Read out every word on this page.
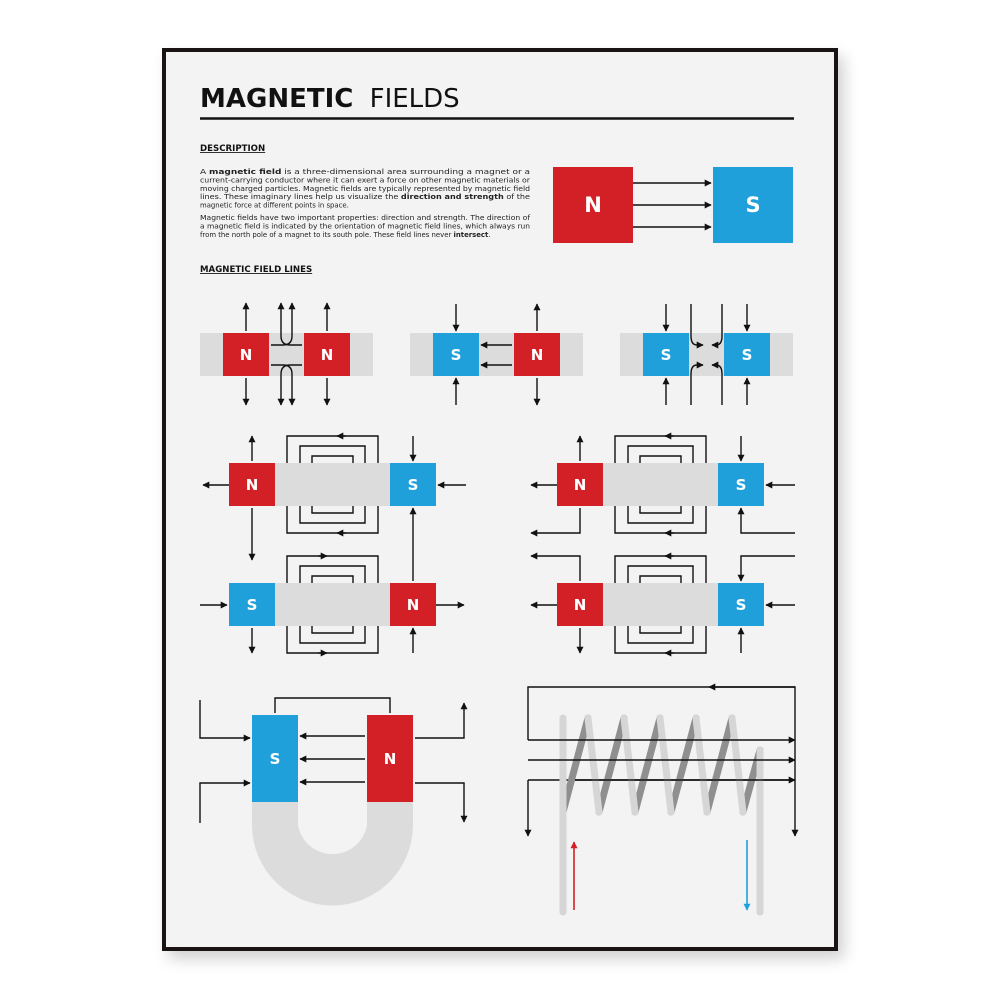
MAGNETIC FIELDS
DESCRIPTION
A magnetic field is a three-dimensional area surrounding a magnet or a
current-carrying conductor where it can exert a force on other magnetic materials or
moving charged particles. Magnetic fields are typically represented by magnetic field
lines. These imaginary lines help us visualize the	direction and strength of the
magnetic force at different points in space.
Magnetic fields have two important properties: direction and strength. The direction of
a magnetic field is indicated by the orientation of magnetic field lines, which always run
from the north pole of a magnet to its south pole. These field lines never intersect.
N	S
MAGNETIC FIELD LINES
N	N	S	N	S	S
N	S
S	N
N	S
N	S
S	N
